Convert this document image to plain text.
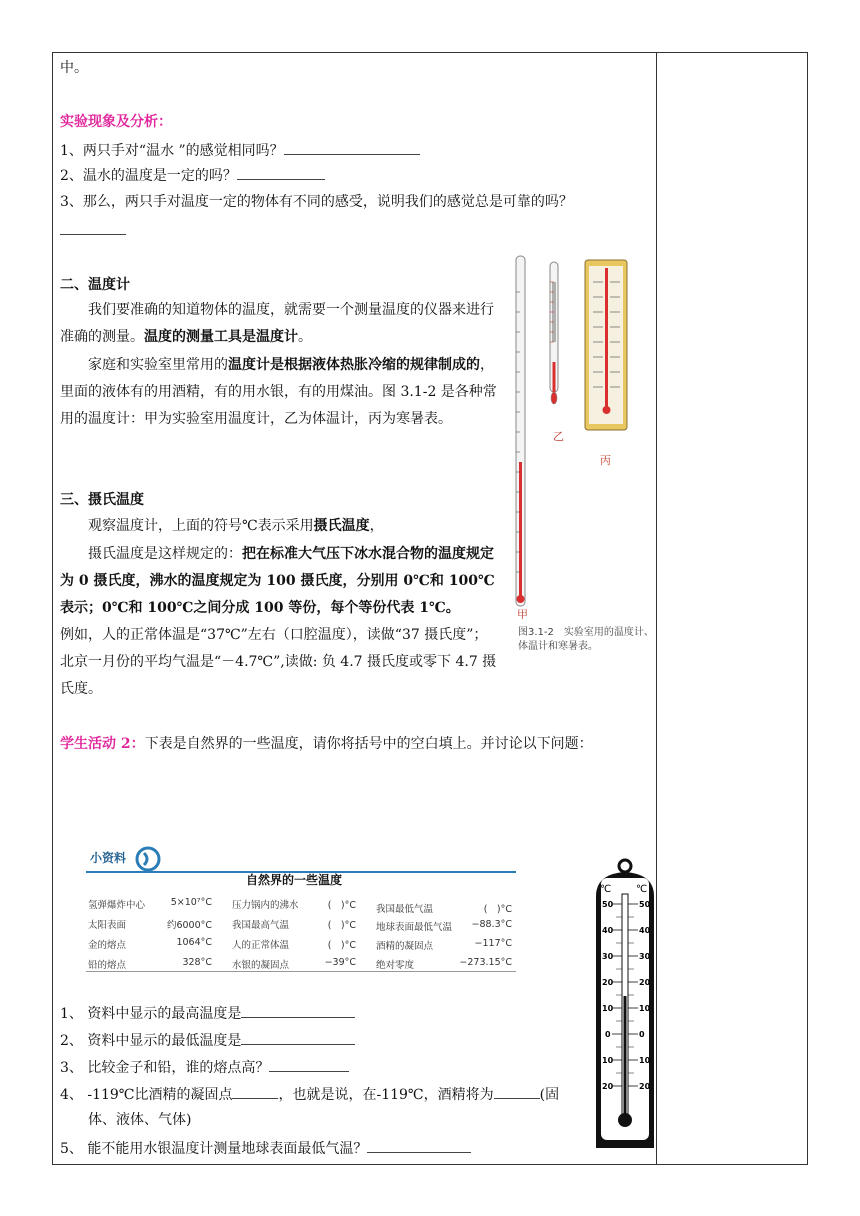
中。
实验现象及分析：
1、两只手对“温水 ”的感觉相同吗？
2、温水的温度是一定的吗？
3、那么，两只手对温度一定的物体有不同的感受，说明我们的感觉总是可靠的吗？
二、温度计
我们要准确的知道物体的温度，就需要一个测量温度的仪器来进行准确的测量。温度的测量工具是温度计。
家庭和实验室里常用的温度计是根据液体热胀冷缩的规律制成的，里面的液体有的用酒精，有的用水银，有的用煤油。图 3.1-2 是各种常用的温度计：甲为实验室用温度计，乙为体温计，丙为寒暑表。
三、摄氏温度
观察温度计，上面的符号℃表示采用摄氏温度，
摄氏温度是这样规定的：把在标准大气压下冰水混合物的温度规定为 0 摄氏度，沸水的温度规定为 100 摄氏度，分别用 0℃和 100℃表示；0℃和 100℃之间分成 100 等份，每个等份代表 1℃。
例如，人的正常体温是“37℃”左右（口腔温度），读做“37 摄氏度”；北京一月份的平均气温是“－4.7℃”,读做: 负 4.7 摄氏度或零下 4.7 摄氏度。
甲
乙
丙
图3.1-2　实验室用的温度计、体温计和寒暑表。
学生活动 2：下表是自然界的一些温度，请你将括号中的空白填上。并讨论以下问题：
小资料
自然界的一些温度
氢弹爆炸中心	5×10⁷°C
太阳表面	约6000°C
金的熔点	1064°C
铅的熔点	328°C
压力锅内的沸水	(　)°C
我国最高气温	(　)°C
人的正常体温	(　)°C
水银的凝固点	−39°C
我国最低气温	(　)°C
地球表面最低气温	−88.3°C
酒精的凝固点	−117°C
绝对零度	−273.15°C
1、 资料中显示的最高温度是
2、 资料中显示的最低温度是
3、 比较金子和铅，谁的熔点高？
4、 -119℃比酒精的凝固点	，也就是说，在-119℃，酒精将为	(固
体、液体、气体)
5、 能不能用水银温度计测量地球表面最低气温？
℃ ℃
50	50
40	40
30	30
20	20
10	10
0	0
10	10
20	20
